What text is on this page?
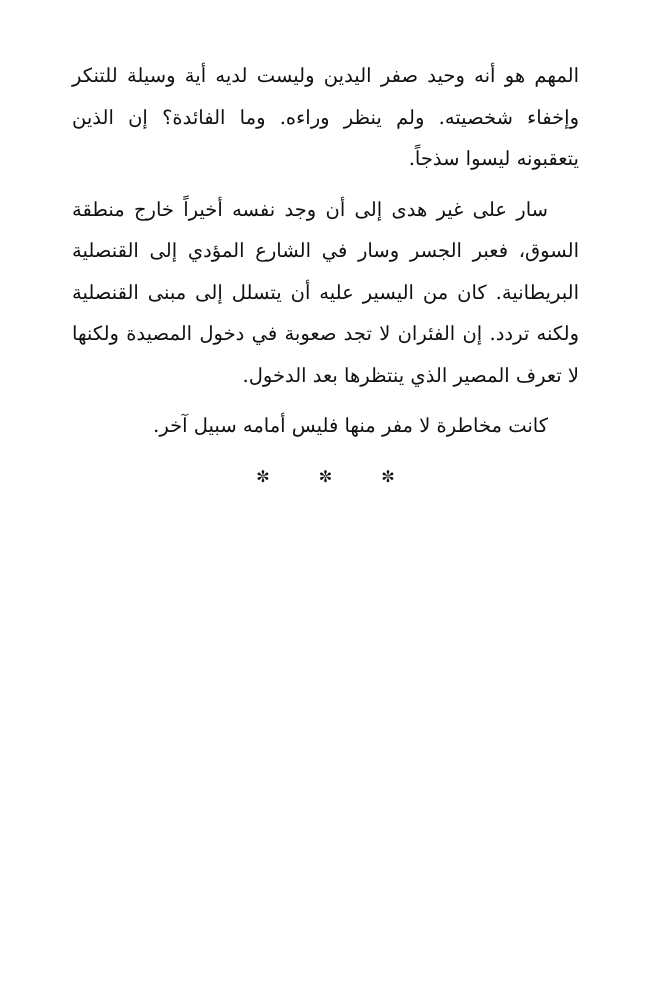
المهم هو أنه وحيد صفر اليدين وليست لديه أية وسيلة للتنكر وإخفاء شخصيته. ولم ينظر وراءه. وما الفائدة؟ إن الذين يتعقبونه ليسوا سذجاً.

سار على غير هدى إلى أن وجد نفسه أخيراً خارج منطقة السوق، فعبر الجسر وسار في الشارع المؤدي إلى القنصلية البريطانية. كان من اليسير عليه أن يتسلل إلى مبنى القنصلية ولكنه تردد. إن الفئران لا تجد صعوبة في دخول المصيدة ولكنها لا تعرف المصير الذي ينتظرها بعد الدخول.

كانت مخاطرة لا مفر منها فليس أمامه سبيل آخر.

✼ ✼ ✼
